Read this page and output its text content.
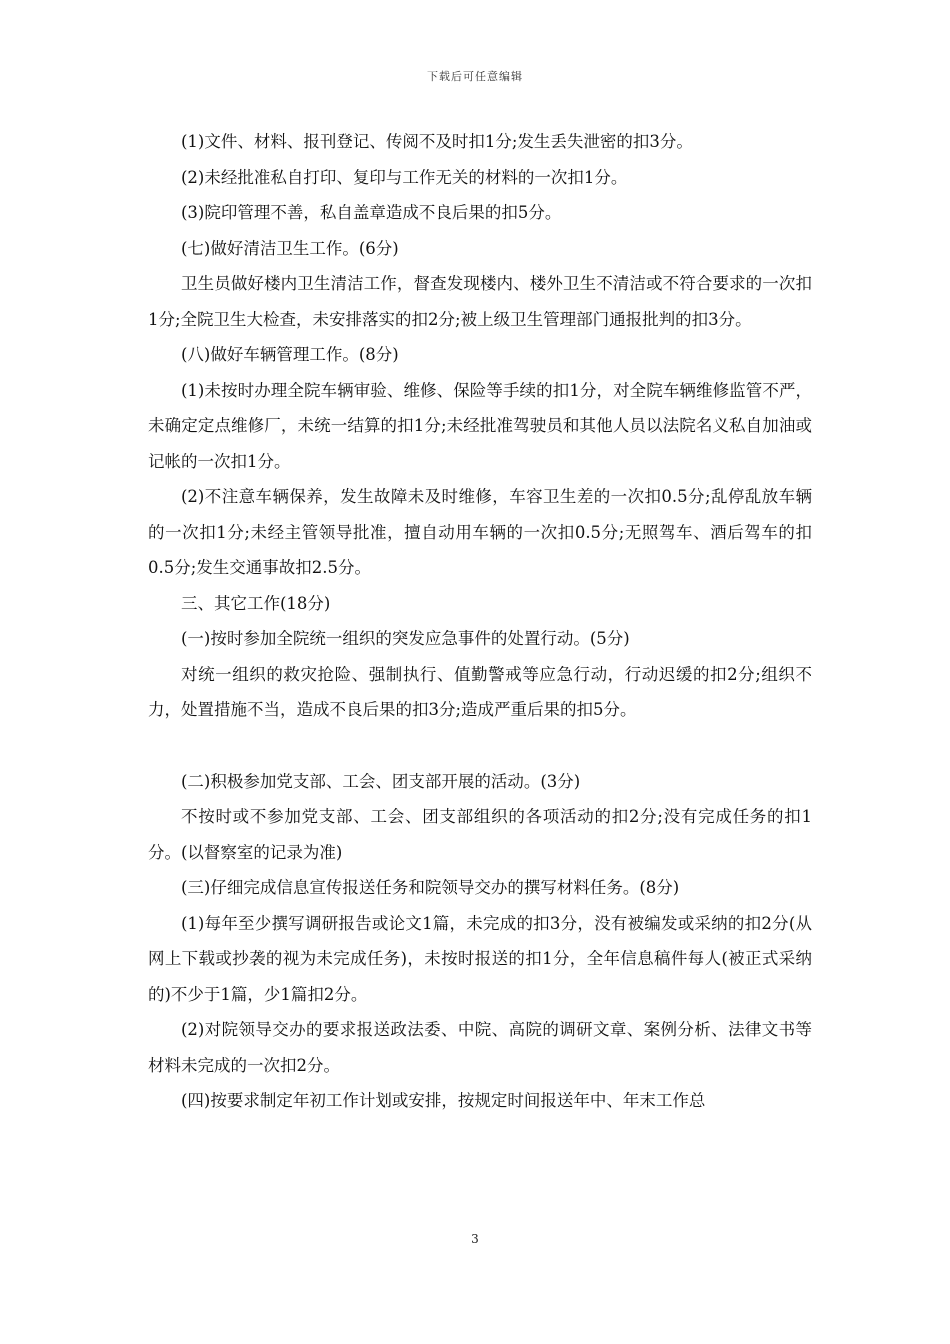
下载后可任意编辑

(1)文件、材料、报刊登记、传阅不及时扣1分;发生丢失泄密的扣3分。

(2)未经批准私自打印、复印与工作无关的材料的一次扣1分。

(3)院印管理不善，私自盖章造成不良后果的扣5分。

(七)做好清洁卫生工作。(6分)

卫生员做好楼内卫生清洁工作，督查发现楼内、楼外卫生不清洁或不符合要求的一次扣1分;全院卫生大检查，未安排落实的扣2分;被上级卫生管理部门通报批判的扣3分。

(八)做好车辆管理工作。(8分)

(1)未按时办理全院车辆审验、维修、保险等手续的扣1分，对全院车辆维修监管不严，未确定定点维修厂，未统一结算的扣1分;未经批准驾驶员和其他人员以法院名义私自加油或记帐的一次扣1分。

(2)不注意车辆保养，发生故障未及时维修，车容卫生差的一次扣0.5分;乱停乱放车辆的一次扣1分;未经主管领导批准，擅自动用车辆的一次扣0.5分;无照驾车、酒后驾车的扣0.5分;发生交通事故扣2.5分。

三、其它工作(18分)

(一)按时参加全院统一组织的突发应急事件的处置行动。(5分)

对统一组织的救灾抢险、强制执行、值勤警戒等应急行动，行动迟缓的扣2分;组织不力，处置措施不当，造成不良后果的扣3分;造成严重后果的扣5分。

(二)积极参加党支部、工会、团支部开展的活动。(3分)

不按时或不参加党支部、工会、团支部组织的各项活动的扣2分;没有完成任务的扣1分。(以督察室的记录为准)

(三)仔细完成信息宣传报送任务和院领导交办的撰写材料任务。(8分)

(1)每年至少撰写调研报告或论文1篇，未完成的扣3分，没有被编发或采纳的扣2分(从网上下载或抄袭的视为未完成任务)，未按时报送的扣1分，全年信息稿件每人(被正式采纳的)不少于1篇，少1篇扣2分。

(2)对院领导交办的要求报送政法委、中院、高院的调研文章、案例分析、法律文书等材料未完成的一次扣2分。

(四)按要求制定年初工作计划或安排，按规定时间报送年中、年末工作总

3
